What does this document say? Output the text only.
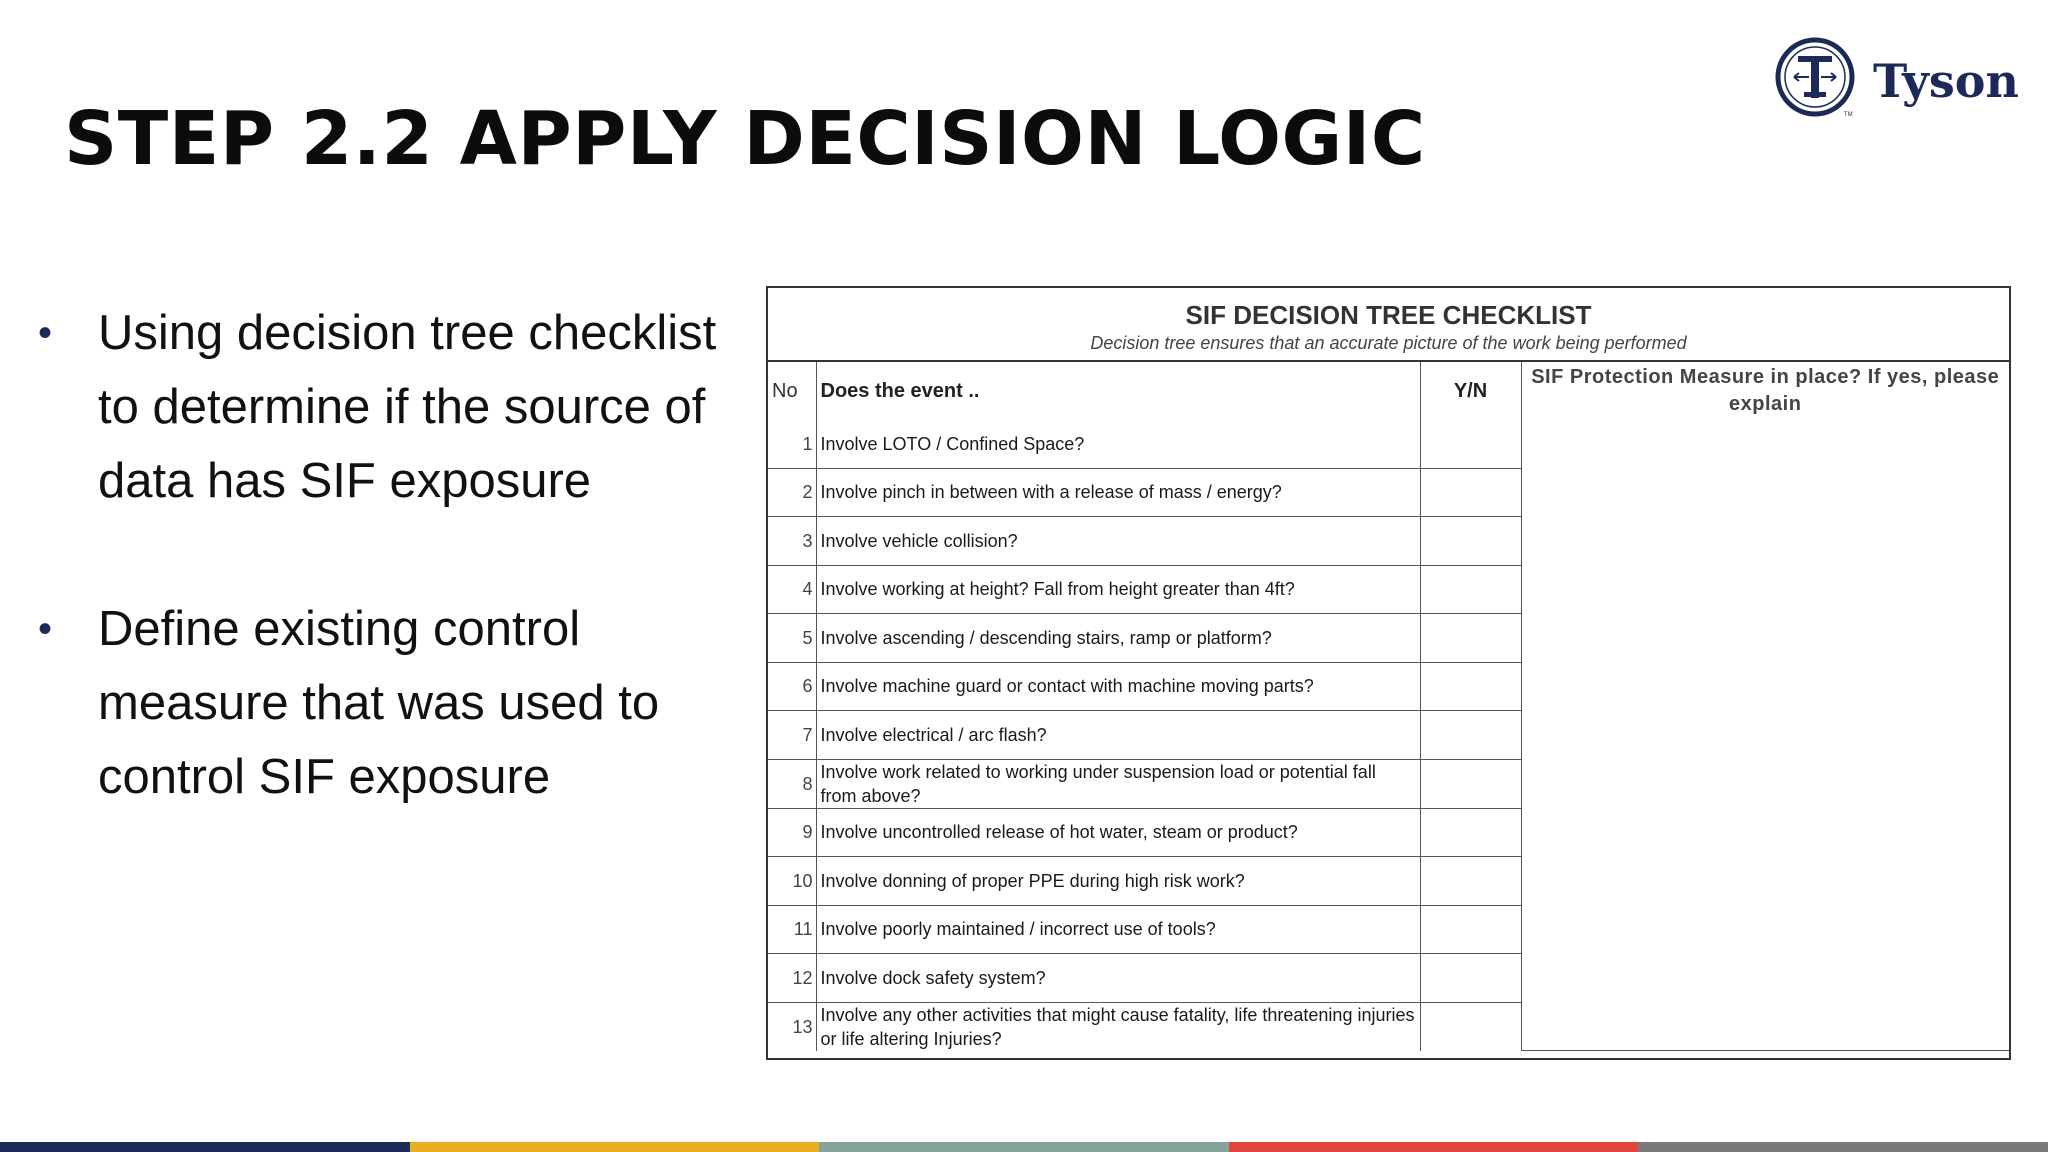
STEP 2.2 APPLY DECISION LOGIC
Tyson
TM
• Using decision tree checklist to determine if the source of data has SIF exposure
• Define existing control measure that was used to control SIF exposure
SIF DECISION TREE CHECKLIST
Decision tree ensures that an accurate picture of the work being performed
No	Does the event ..	Y/N	SIF Protection Measure in place? If yes, please explain
1	Involve LOTO / Confined Space?		
2	Involve pinch in between with a release of mass / energy?		
3	Involve vehicle collision?		
4	Involve working at height? Fall from height greater than 4ft?		
5	Involve ascending / descending stairs, ramp or platform?		
6	Involve machine guard or contact with machine moving parts?		
7	Involve electrical / arc flash?		
8	Involve work related to working under suspension load or potential fall from above?		
9	Involve uncontrolled release of hot water, steam or product?		
10	Involve donning of proper PPE during high risk work?		
11	Involve poorly maintained / incorrect use of tools?		
12	Involve dock safety system?		
13	Involve any other activities that might cause fatality, life threatening injuries or life altering Injuries?		
